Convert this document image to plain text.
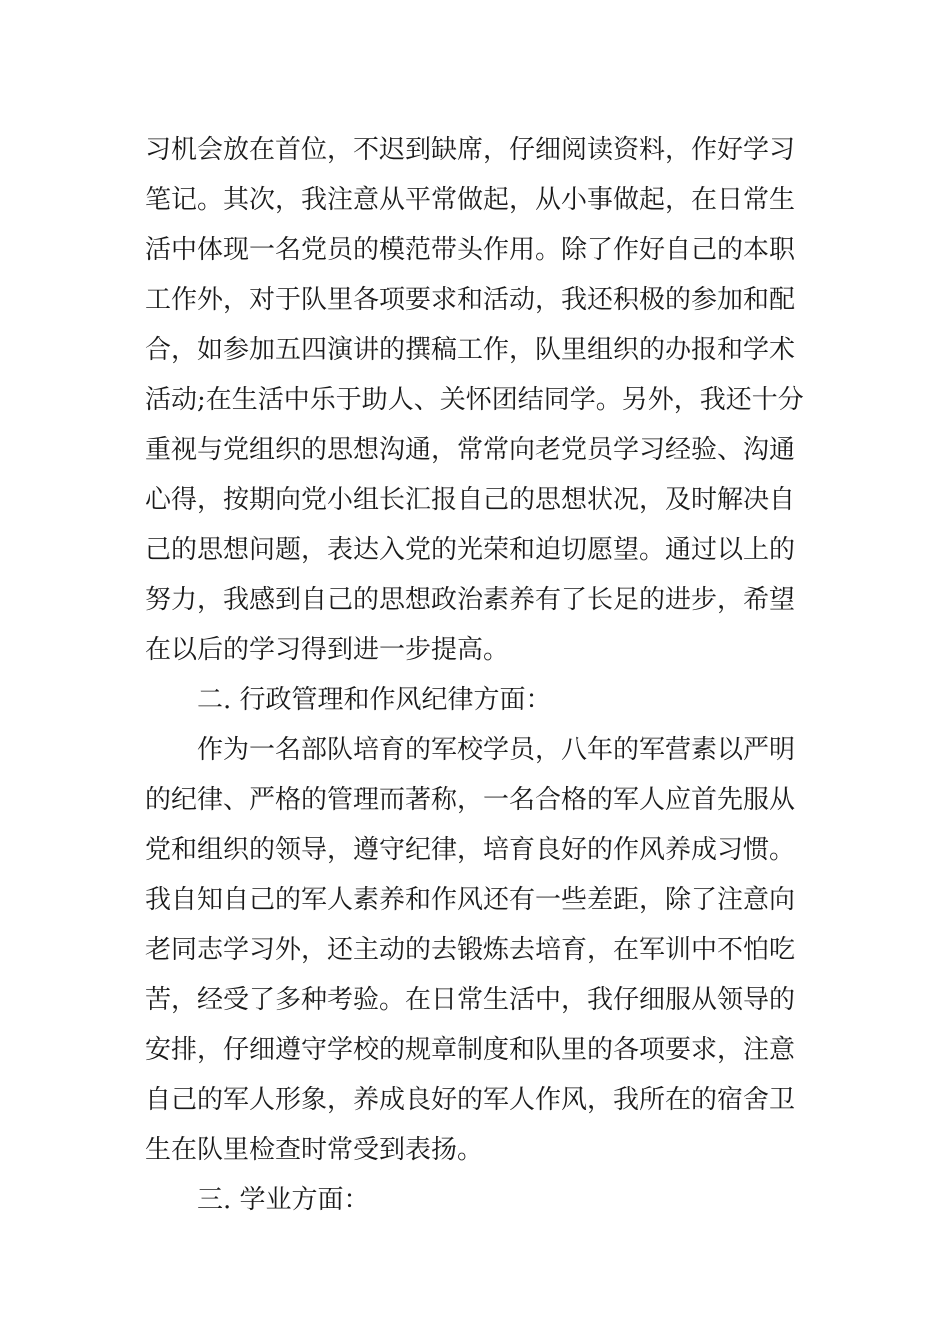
习机会放在首位，不迟到缺席，仔细阅读资料，作好学习
笔记。其次，我注意从平常做起，从小事做起，在日常生
活中体现一名党员的模范带头作用。除了作好自己的本职
工作外，对于队里各项要求和活动，我还积极的参加和配
合，如参加五四演讲的撰稿工作，队里组织的办报和学术
活动;在生活中乐于助人、关怀团结同学。另外，我还十分
重视与党组织的思想沟通，常常向老党员学习经验、沟通
心得，按期向党小组长汇报自己的思想状况，及时解决自
己的思想问题，表达入党的光荣和迫切愿望。通过以上的
努力，我感到自己的思想政治素养有了长足的进步，希望
在以后的学习得到进一步提高。
二. 行政管理和作风纪律方面：
作为一名部队培育的军校学员，八年的军营素以严明
的纪律、严格的管理而著称，一名合格的军人应首先服从
党和组织的领导，遵守纪律，培育良好的作风养成习惯。
我自知自己的军人素养和作风还有一些差距，除了注意向
老同志学习外，还主动的去锻炼去培育，在军训中不怕吃
苦，经受了多种考验。在日常生活中，我仔细服从领导的
安排，仔细遵守学校的规章制度和队里的各项要求，注意
自己的军人形象，养成良好的军人作风，我所在的宿舍卫
生在队里检查时常受到表扬。
三. 学业方面：
